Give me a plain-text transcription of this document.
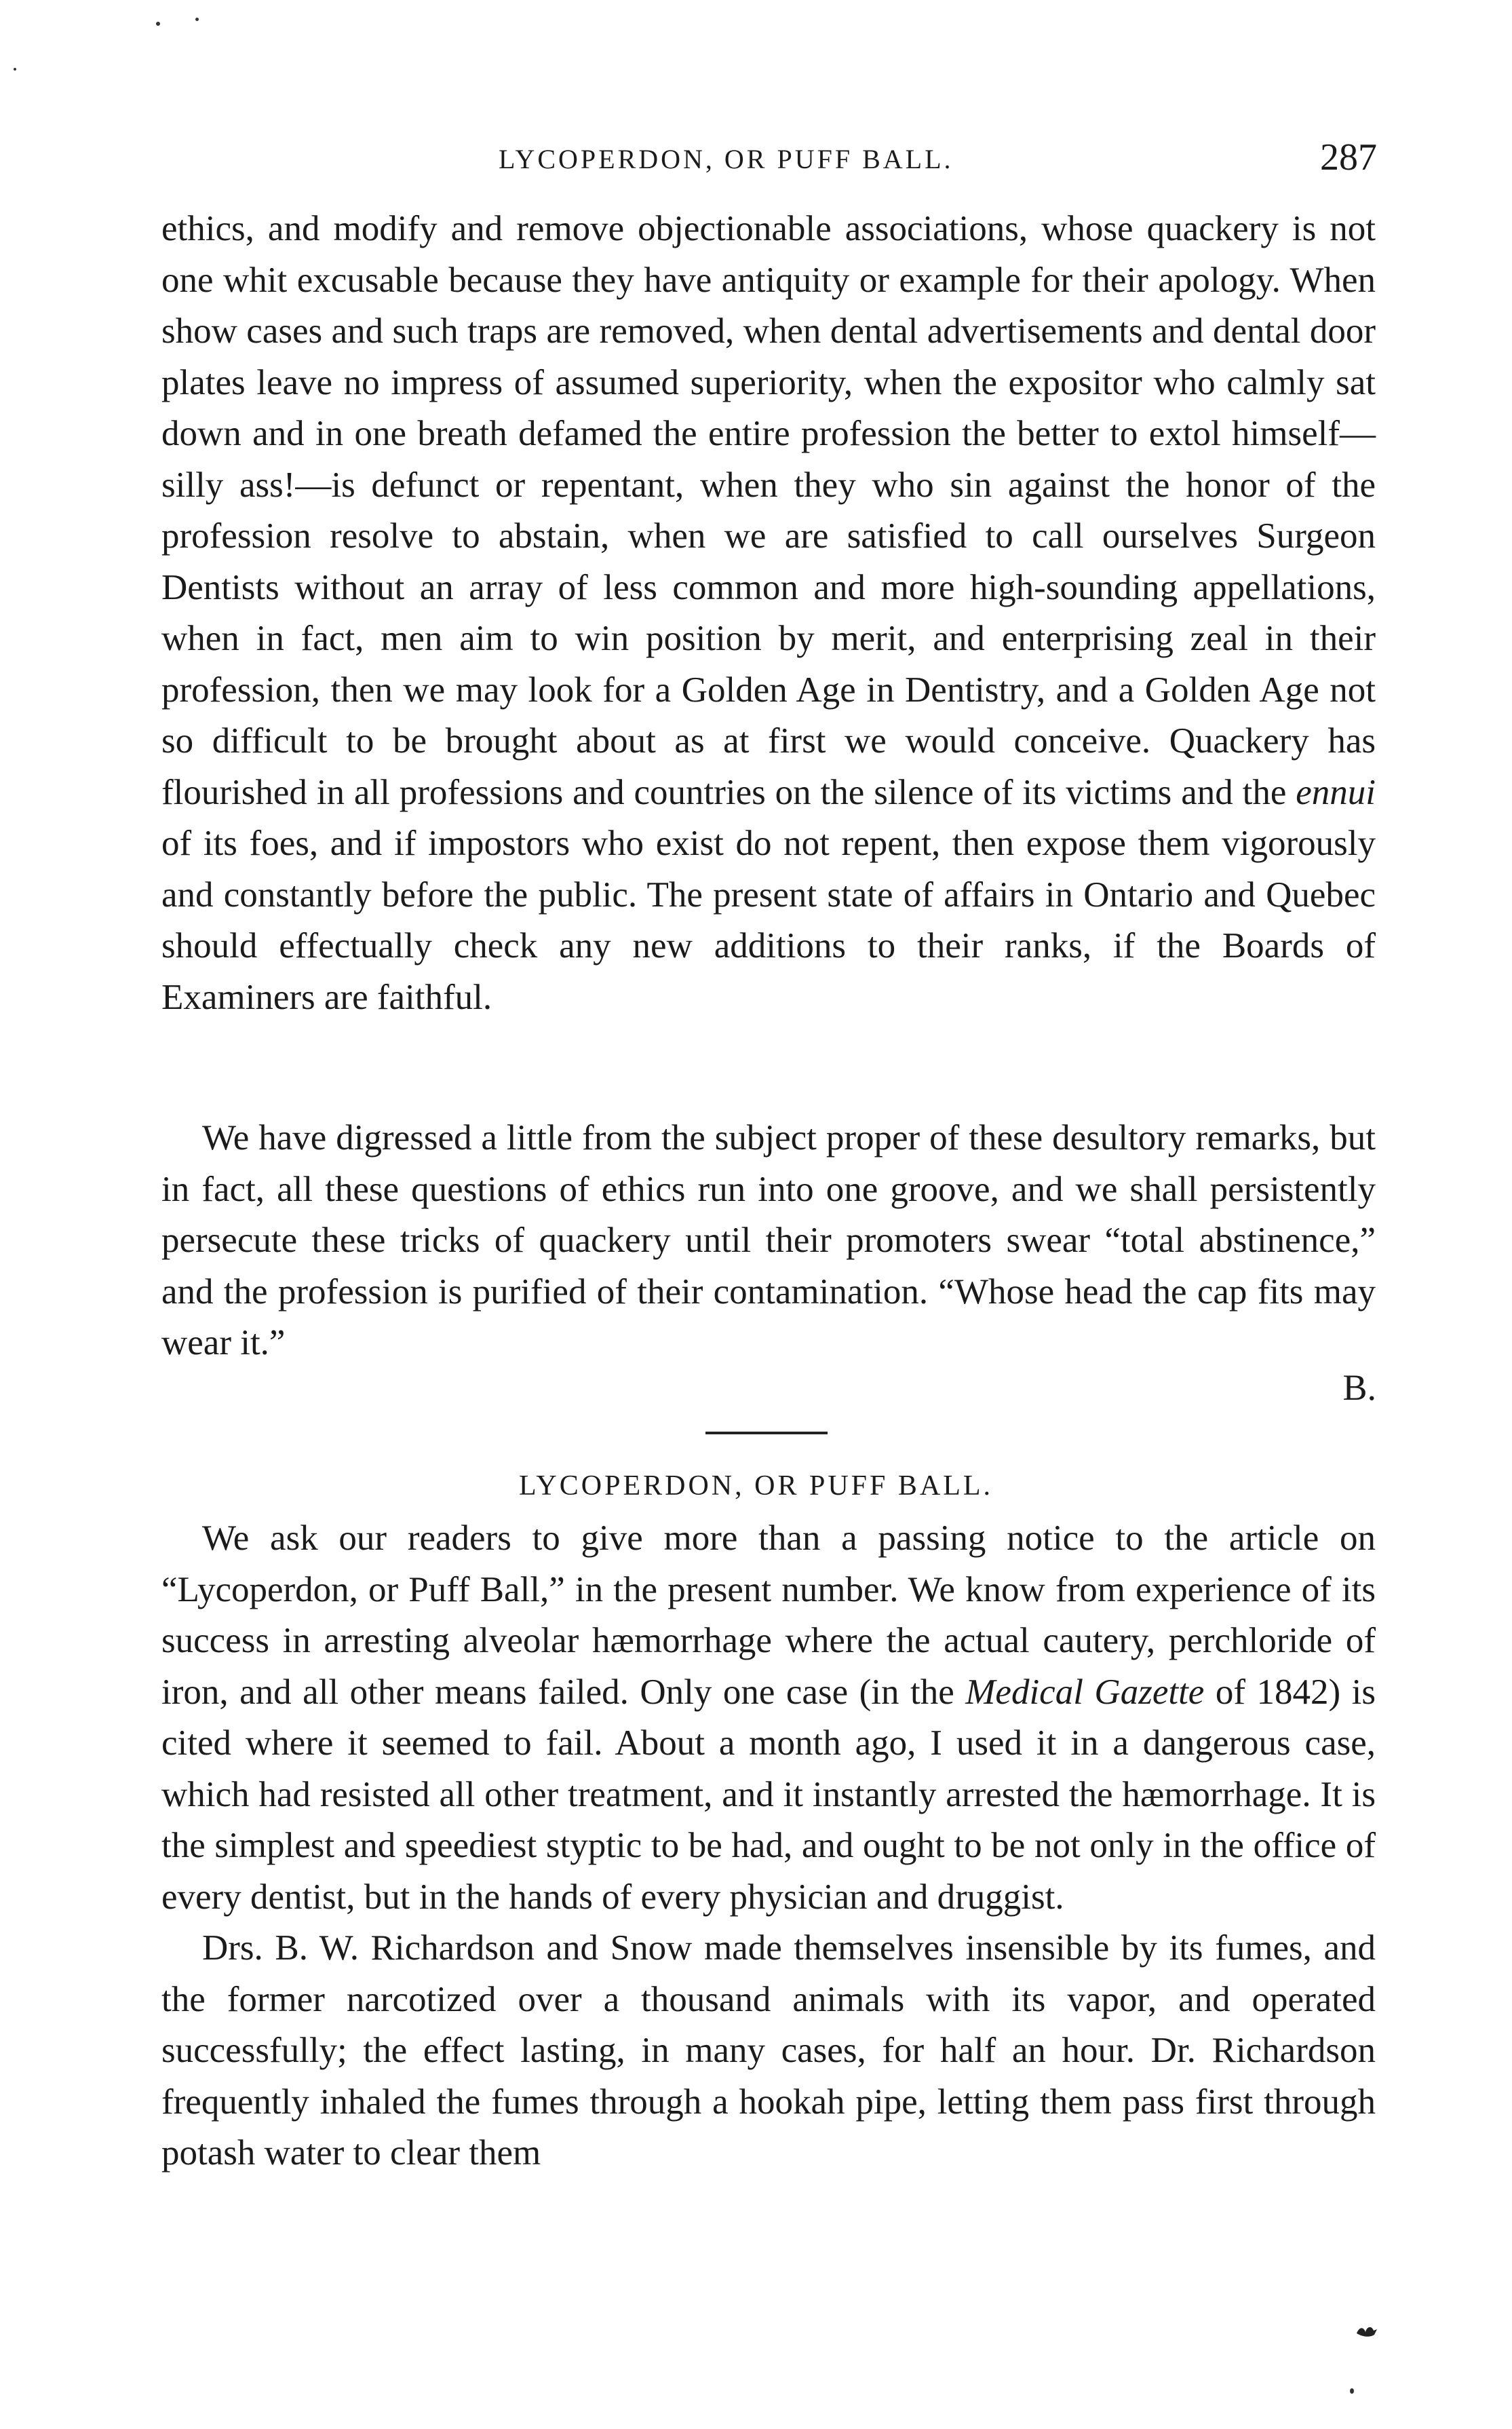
LYCOPERDON, OR PUFF BALL.	287

ethics, and modify and remove objectionable associations, whose quackery is not one whit excusable because they have antiquity or example for their apology. When show cases and such traps are removed, when dental advertisements and dental door plates leave no impress of assumed superiority, when the expositor who calmly sat down and in one breath defamed the entire profession the better to extol himself—silly ass!—is defunct or repentant, when they who sin against the honor of the profession resolve to abstain, when we are satisfied to call ourselves Surgeon Dentists without an array of less common and more high-sounding appellations, when in fact, men aim to win position by merit, and enterprising zeal in their profession, then we may look for a Golden Age in Dentistry, and a Golden Age not so difficult to be brought about as at first we would conceive. Quackery has flourished in all professions and countries on the silence of its victims and the ennui of its foes, and if impostors who exist do not repent, then expose them vigorously and constantly before the public. The present state of affairs in Ontario and Quebec should effectually check any new additions to their ranks, if the Boards of Examiners are faithful.

We have digressed a little from the subject proper of these desultory remarks, but in fact, all these questions of ethics run into one groove, and we shall persistently persecute these tricks of quackery until their promoters swear “total abstinence,” and the profession is purified of their contamination. “Whose head the cap fits may wear it.”

B.
LYCOPERDON, OR PUFF BALL.

We ask our readers to give more than a passing notice to the article on “Lycoperdon, or Puff Ball,” in the present number. We know from experience of its success in arresting alveolar hæmorrhage where the actual cautery, perchloride of iron, and all other means failed. Only one case (in the Medical Gazette of 1842) is cited where it seemed to fail. About a month ago, I used it in a dangerous case, which had resisted all other treatment, and it instantly arrested the hæmorrhage. It is the simplest and speediest styptic to be had, and ought to be not only in the office of every dentist, but in the hands of every physician and druggist.

Drs. B. W. Richardson and Snow made themselves insensible by its fumes, and the former narcotized over a thousand animals with its vapor, and operated successfully; the effect lasting, in many cases, for half an hour. Dr. Richardson frequently inhaled the fumes through a hookah pipe, letting them pass first through potash water to clear them
